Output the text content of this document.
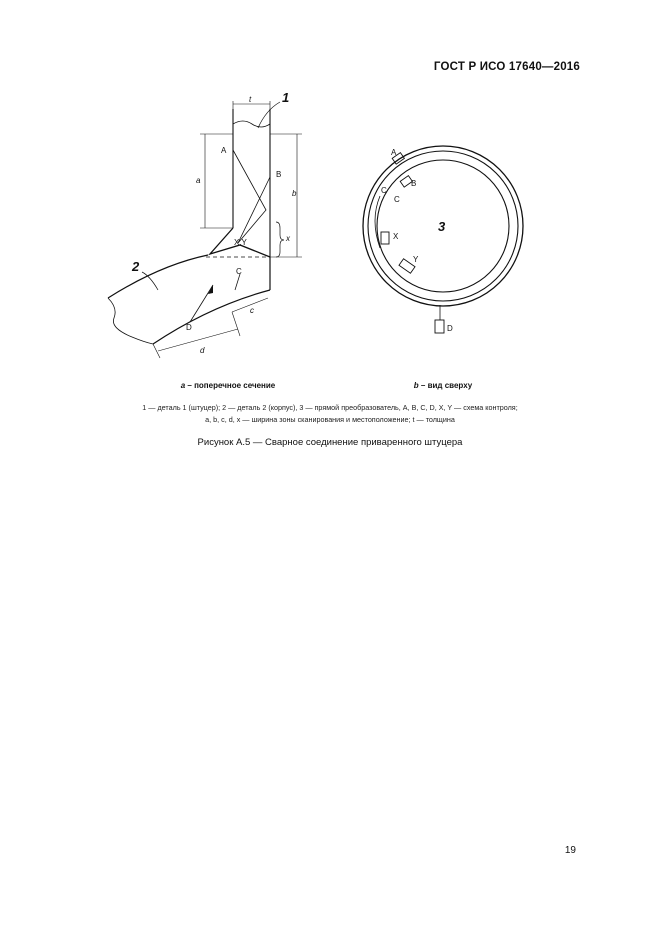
ГОСТ Р ИСО 17640—2016
1
2
3
A
B
C
D
X,Y
a
b
c
d
x
t
A
B
C
C
X
Y
D
a – поперечное сечение	b – вид сверху
1 — деталь 1 (штуцер); 2 — деталь 2 (корпус), 3 — прямой преобразователь, A, B, C, D, X, Y — схема контроля;
a, b, c, d, x — ширина зоны сканирования и местоположение; t — толщина
Рисунок А.5 — Сварное соединение приваренного штуцера
19
